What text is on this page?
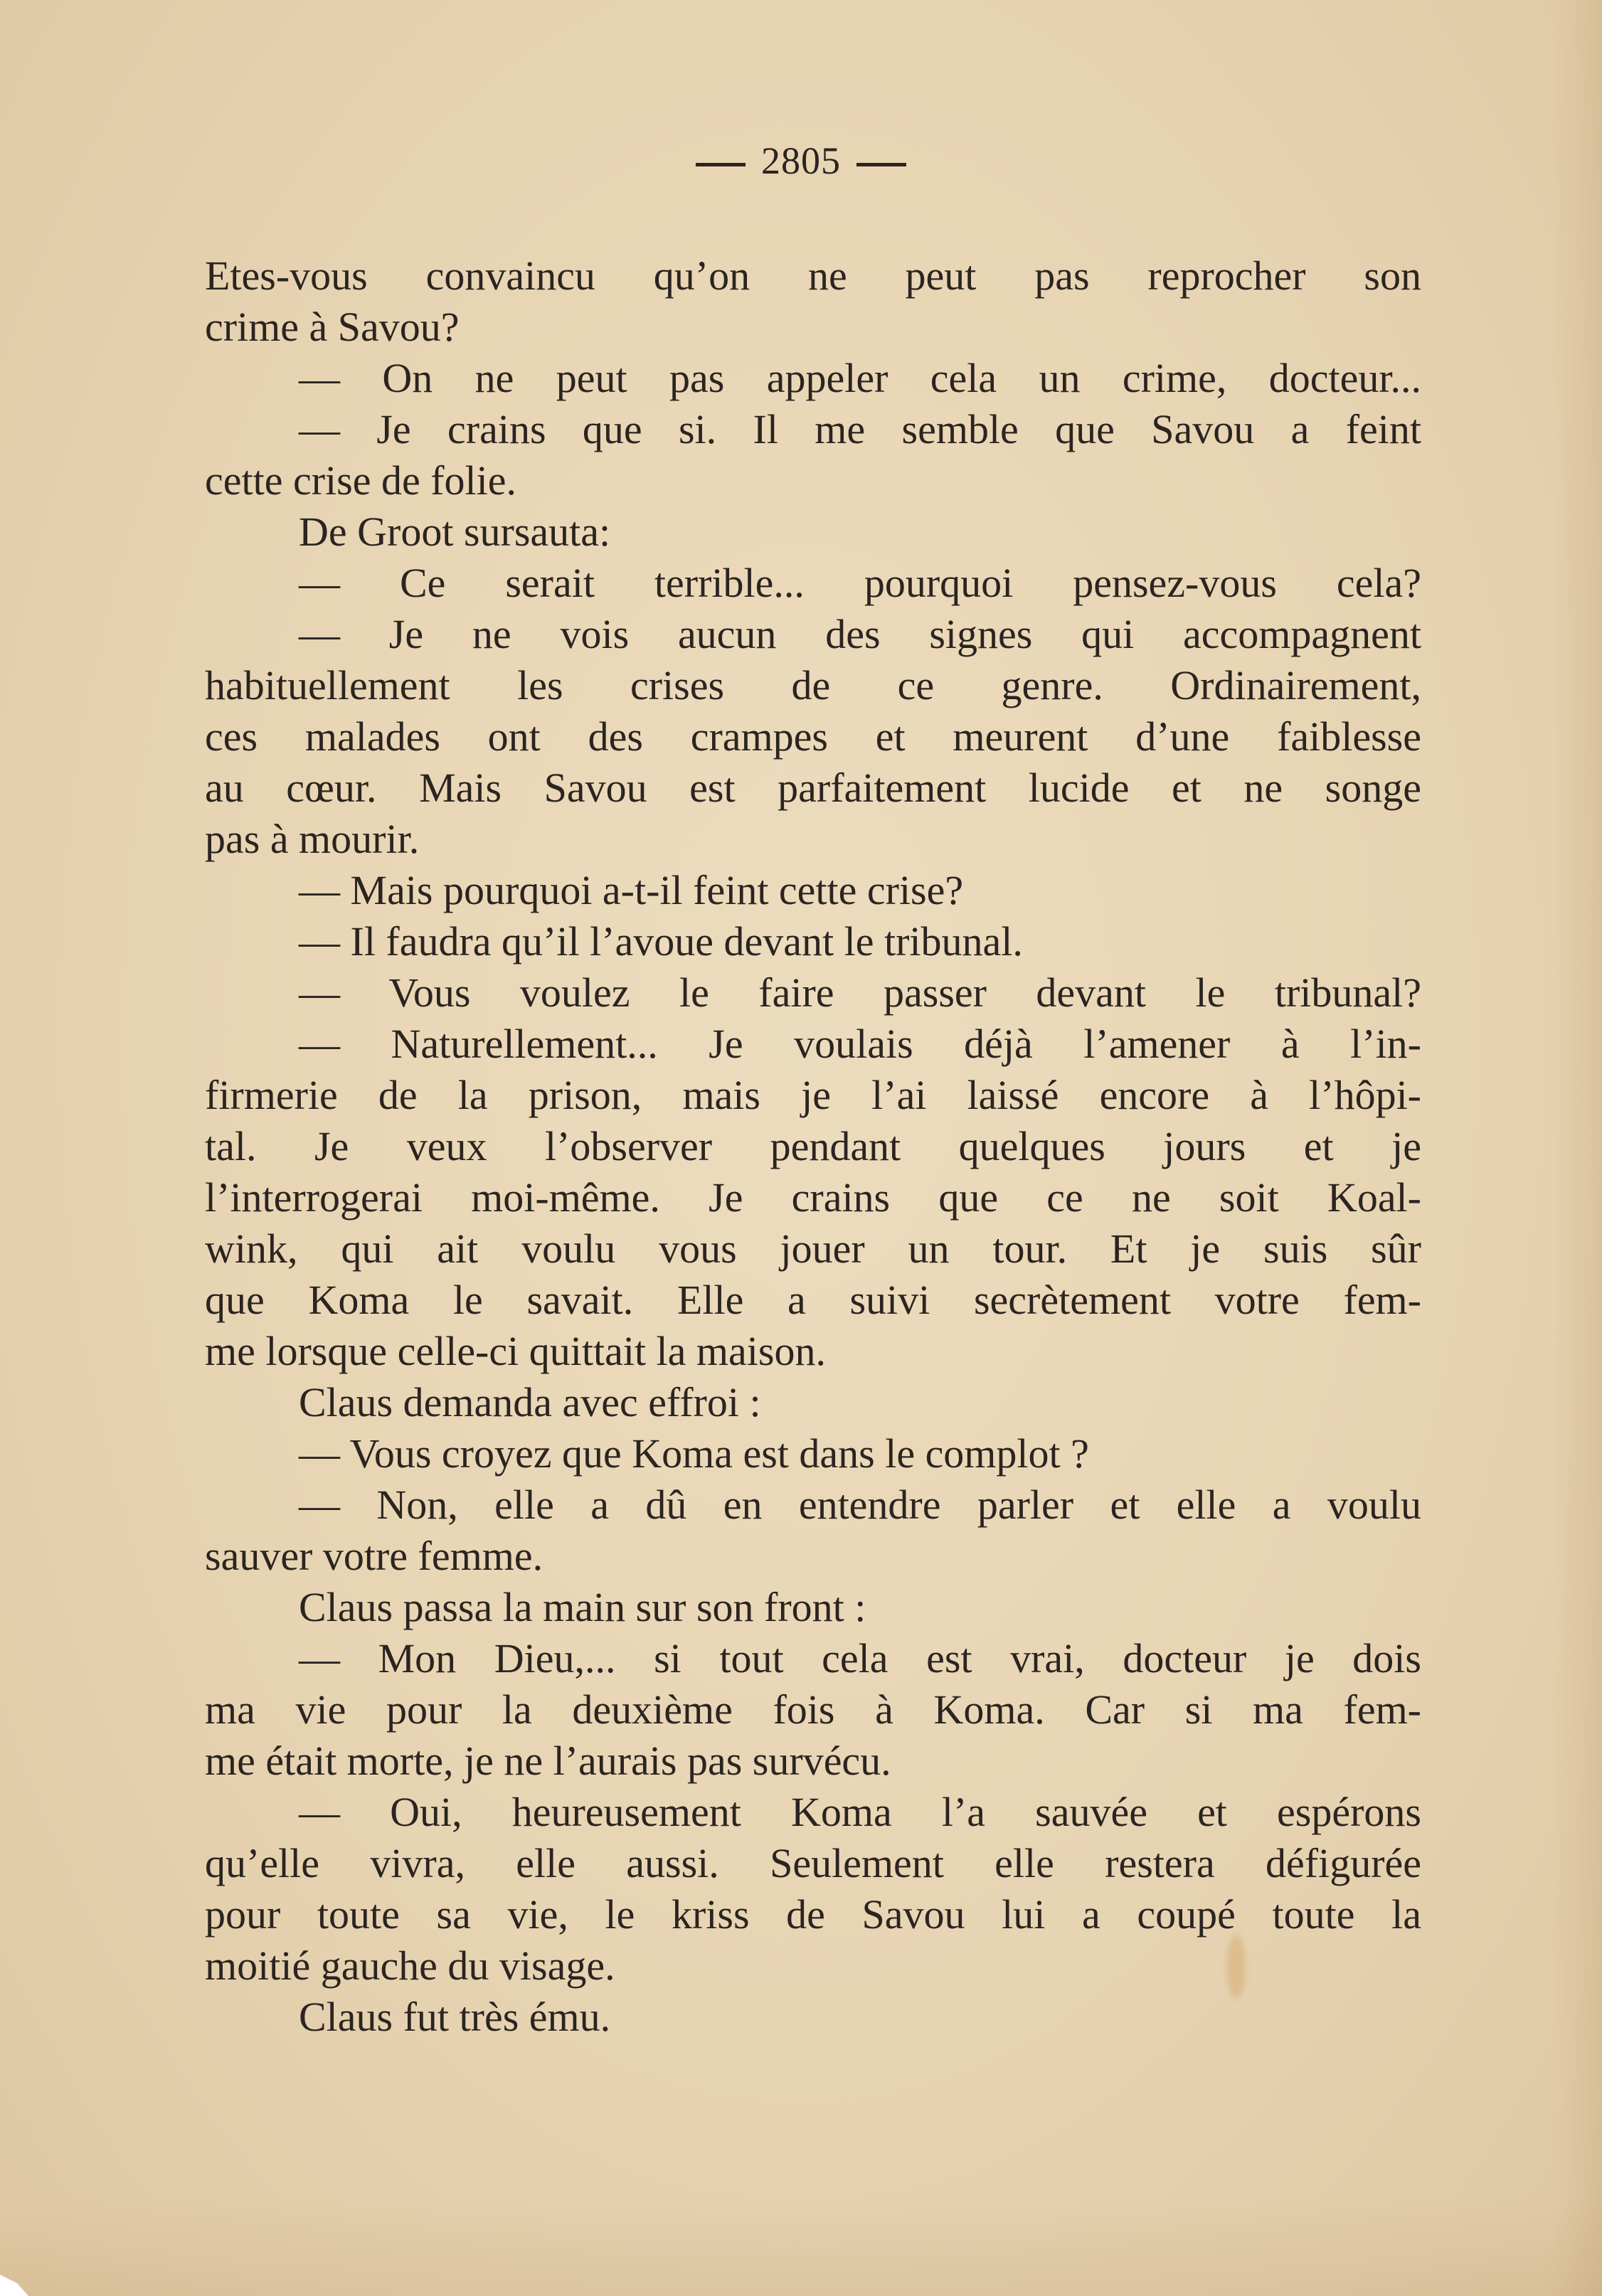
2805
Etes-vous convaincu qu’on ne peut pas reprocher son
crime à Savou?
— On ne peut pas appeler cela un crime, docteur...
— Je crains que si. Il me semble que Savou a feint
cette crise de folie.
De Groot sursauta:
— Ce serait terrible... pourquoi pensez-vous cela?
— Je ne vois aucun des signes qui accompagnent
habituellement les crises de ce genre. Ordinairement,
ces malades ont des crampes et meurent d’une faiblesse
au cœur. Mais Savou est parfaitement lucide et ne songe
pas à mourir.
— Mais pourquoi a-t-il feint cette crise?
— Il faudra qu’il l’avoue devant le tribunal.
— Vous voulez le faire passer devant le tribunal?
— Naturellement... Je voulais déjà l’amener à l’in-
firmerie de la prison, mais je l’ai laissé encore à l’hôpi-
tal. Je veux l’observer pendant quelques jours et je
l’interrogerai moi-même. Je crains que ce ne soit Koal-
wink, qui ait voulu vous jouer un tour. Et je suis sûr
que Koma le savait. Elle a suivi secrètement votre fem-
me lorsque celle-ci quittait la maison.
Claus demanda avec effroi :
— Vous croyez que Koma est dans le complot ?
— Non, elle a dû en entendre parler et elle a voulu
sauver votre femme.
Claus passa la main sur son front :
— Mon Dieu,... si tout cela est vrai, docteur je dois
ma vie pour la deuxième fois à Koma. Car si ma fem-
me était morte, je ne l’aurais pas survécu.
— Oui, heureusement Koma l’a sauvée et espérons
qu’elle vivra, elle aussi. Seulement elle restera défigurée
pour toute sa vie, le kriss de Savou lui a coupé toute la
moitié gauche du visage.
Claus fut très ému.
